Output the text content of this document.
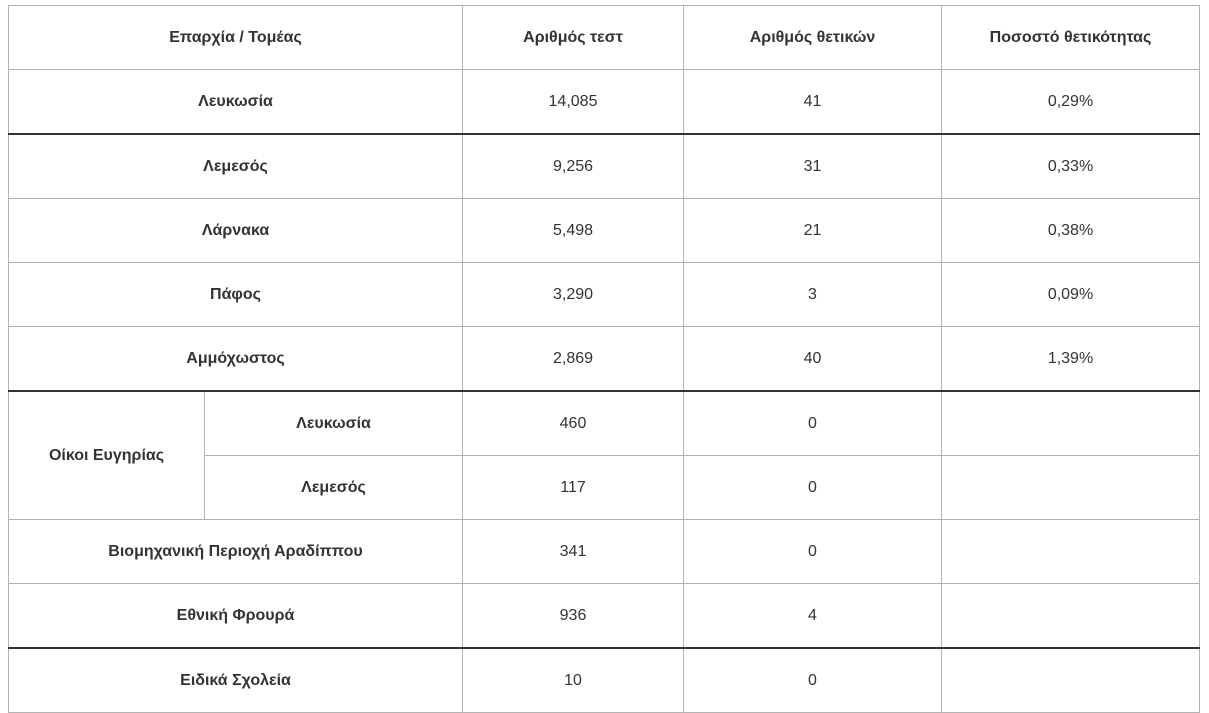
Επαρχία / Τομέας		Αριθμός τεστ	Αριθμός θετικών	Ποσοστό θετικότητας
Λευκωσία		14,085	41	0,29%
Λεμεσός		9,256	31	0,33%
Λάρνακα		5,498	21	0,38%
Πάφος		3,290	3	0,09%
Αμμόχωστος		2,869	40	1,39%
Οίκοι Ευγηρίας	Λευκωσία	460	0	
	Λεμεσός	117	0	
Βιομηχανική Περιοχή Αραδίππου		341	0	
Εθνική Φρουρά		936	4	
Ειδικά Σχολεία		10	0	
